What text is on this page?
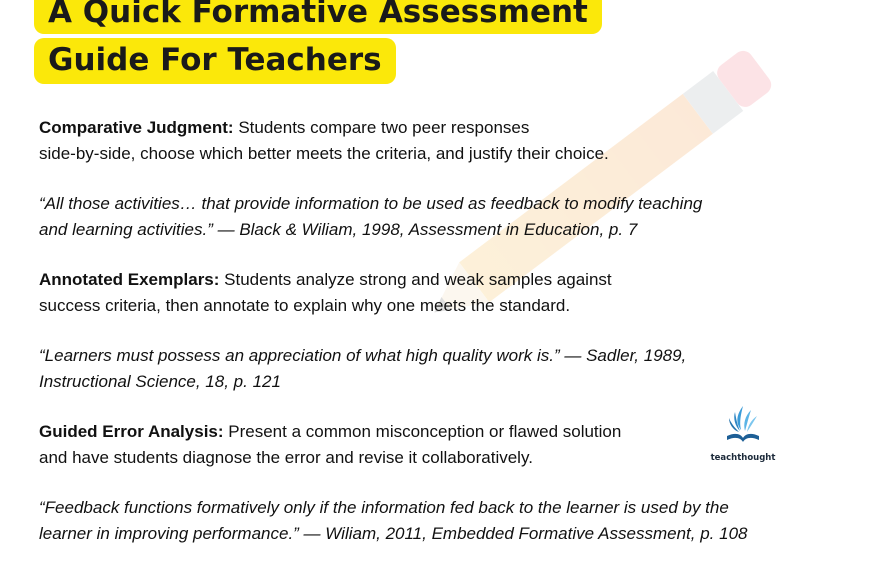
A Quick Formative Assessment
Guide For Teachers
Comparative Judgment: Students compare two peer responses
side-by-side, choose which better meets the criteria, and justify their choice.
“All those activities… that provide information to be used as feedback to modify teaching
and learning activities.” — Black & Wiliam, 1998, Assessment in Education, p. 7
Annotated Exemplars: Students analyze strong and weak samples against
success criteria, then annotate to explain why one meets the standard.
“Learners must possess an appreciation of what high quality work is.” — Sadler, 1989,
Instructional Science, 18, p. 121
Guided Error Analysis: Present a common misconception or flawed solution
and have students diagnose the error and revise it collaboratively.
“Feedback functions formatively only if the information fed back to the learner is used by the
learner in improving performance.” — Wiliam, 2011, Embedded Formative Assessment, p. 108
teachthought
